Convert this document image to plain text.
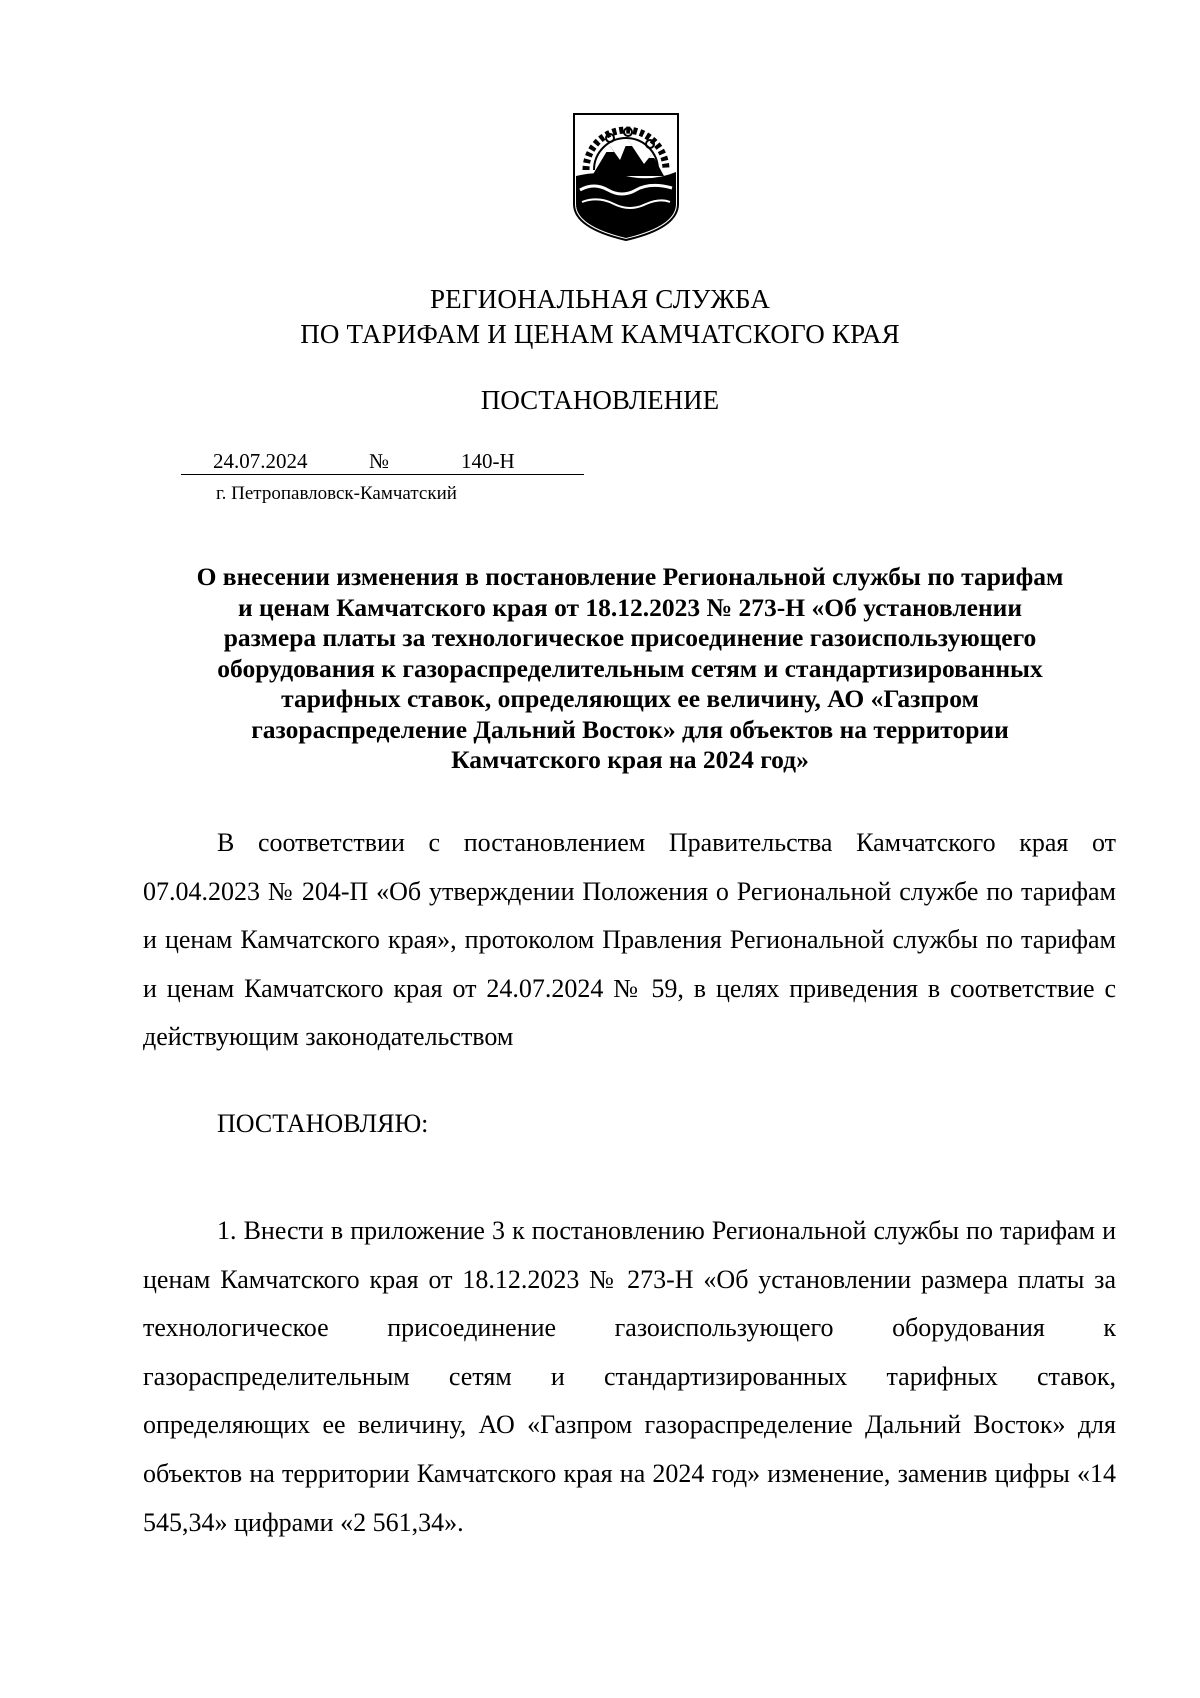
РЕГИОНАЛЬНАЯ СЛУЖБА
ПО ТАРИФАМ И ЦЕНАМ КАМЧАТСКОГО КРАЯ
ПОСТАНОВЛЕНИЕ
24.07.2024	№	140-Н
г. Петропавловск-Камчатский
О внесении изменения в постановление Региональной службы по тарифам
и ценам Камчатского края от 18.12.2023 № 273-Н «Об установлении
размера платы за технологическое присоединение газоиспользующего
оборудования к газораспределительным сетям и стандартизированных
тарифных ставок, определяющих ее величину, АО «Газпром
газораспределение Дальний Восток» для объектов на территории
Камчатского края на 2024 год»

В соответствии с постановлением Правительства Камчатского края от 07.04.2023 № 204-П «Об утверждении Положения о Региональной службе по тарифам и ценам Камчатского края», протоколом Правления Региональной службы по тарифам и ценам Камчатского края от 24.07.2024 № 59, в целях приведения в соответствие с действующим законодательством

ПОСТАНОВЛЯЮ:

1. Внести в приложение 3 к постановлению Региональной службы по тарифам и ценам Камчатского края от 18.12.2023 № 273-Н «Об установлении размера платы за технологическое присоединение газоиспользующего оборудования к газораспределительным сетям и стандартизированных тарифных ставок, определяющих ее величину, АО «Газпром газораспределение Дальний Восток» для объектов на территории Камчатского края на 2024 год» изменение, заменив цифры «14 545,34» цифрами «2 561,34».
